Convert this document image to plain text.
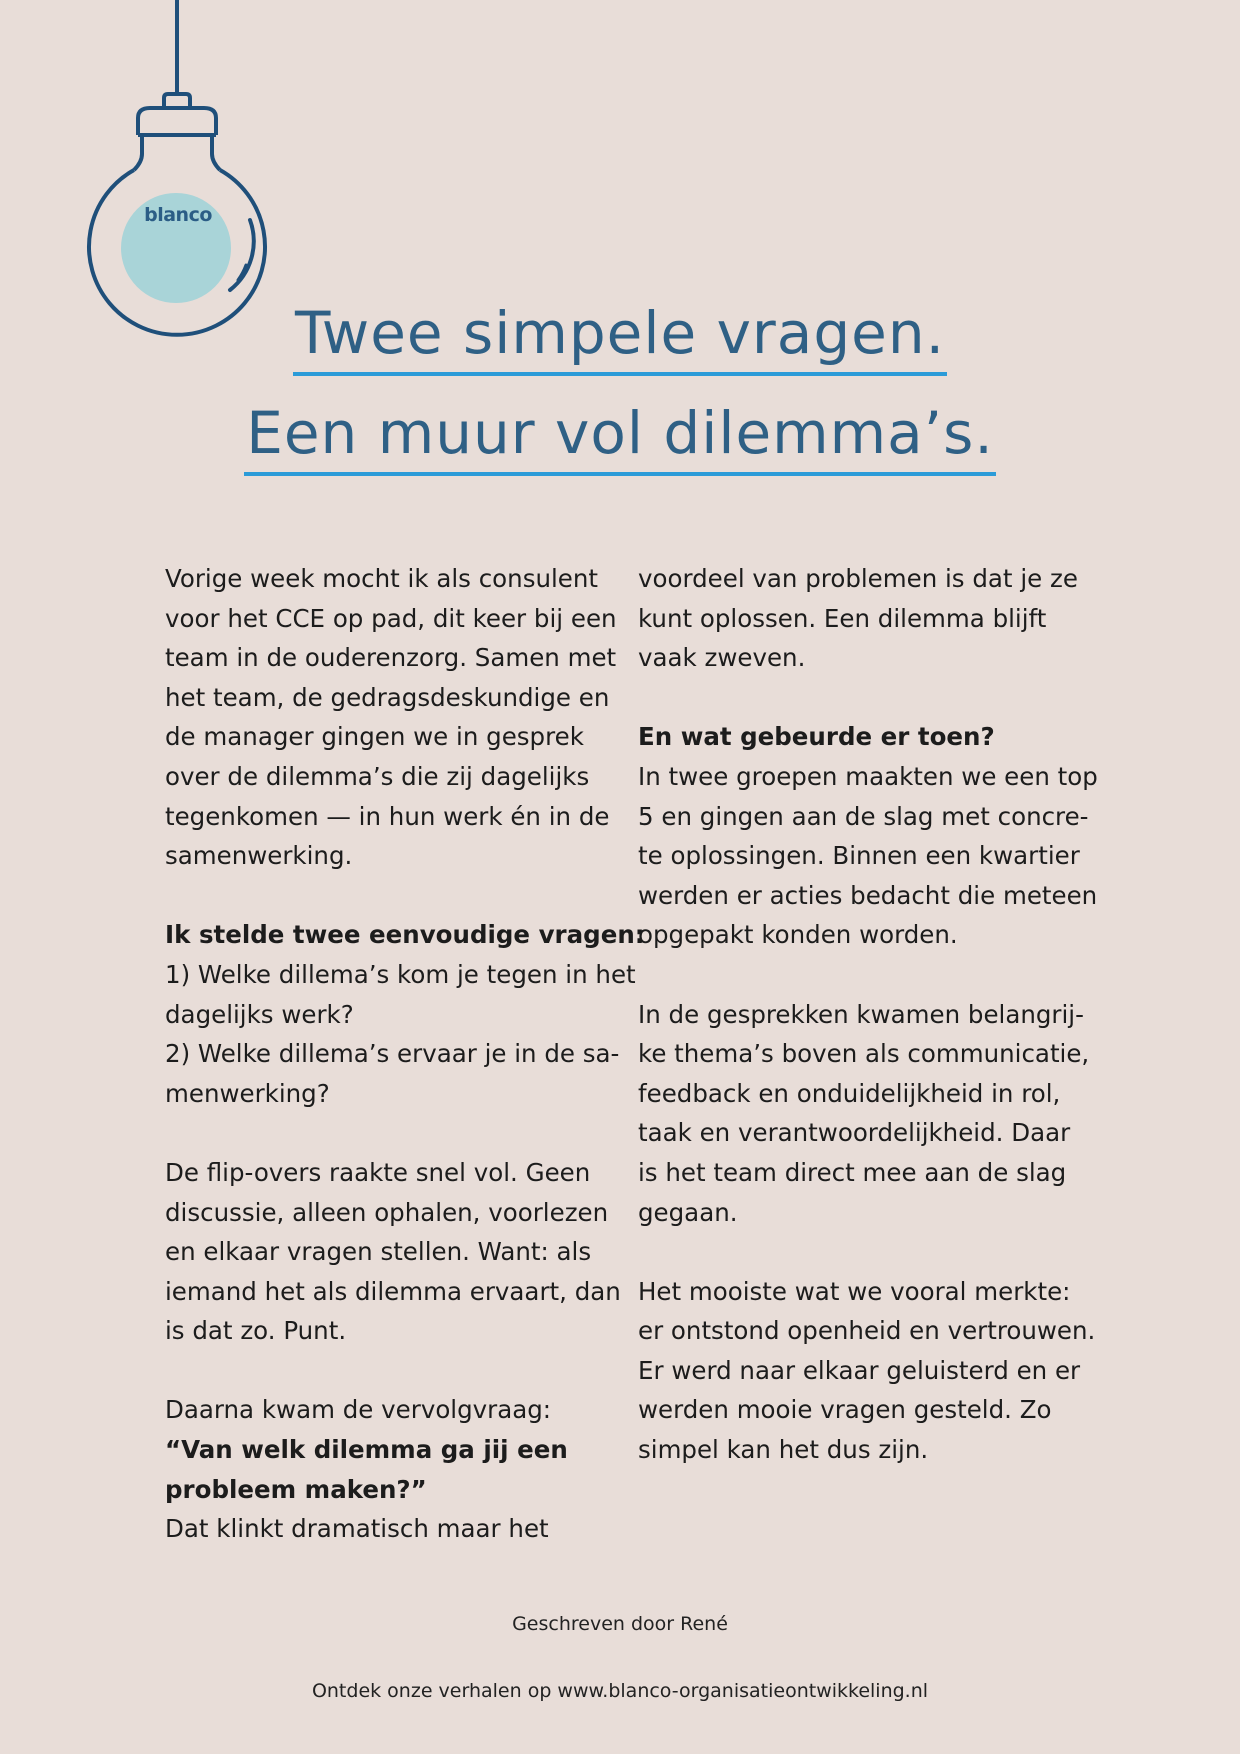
blanco
Twee simpele vragen.
Een muur vol dilemma’s.

Vorige week mocht ik als consulent

voor het CCE op pad, dit keer bij een

team in de ouderenzorg. Samen met

het team, de gedragsdeskundige en

de manager gingen we in gesprek

over de dilemma’s die zij dagelijks

tegenkomen — in hun werk én in de

samenwerking.

Ik stelde twee eenvoudige vragen:

1) Welke dillema’s kom je tegen in het

dagelijks werk?

2) Welke dillema’s ervaar je in de sa-

menwerking?

De flip-overs raakte snel vol. Geen

discussie, alleen ophalen, voorlezen

en elkaar vragen stellen. Want: als

iemand het als dilemma ervaart, dan

is dat zo. Punt.

Daarna kwam de vervolgvraag:

“Van welk dilemma ga jij een

probleem maken?”

Dat klinkt dramatisch maar het

voordeel van problemen is dat je ze

kunt oplossen. Een dilemma blijft

vaak zweven.

En wat gebeurde er toen?

In twee groepen maakten we een top

5 en gingen aan de slag met concre-

te oplossingen. Binnen een kwartier

werden er acties bedacht die meteen

opgepakt konden worden.

In de gesprekken kwamen belangrij-

ke thema’s boven als communicatie,

feedback en onduidelijkheid in rol,

taak en verantwoordelijkheid. Daar

is het team direct mee aan de slag

gegaan.

Het mooiste wat we vooral merkte:

er ontstond openheid en vertrouwen.

Er werd naar elkaar geluisterd en er

werden mooie vragen gesteld. Zo

simpel kan het dus zijn.

Geschreven door René
Ontdek onze verhalen op www.blanco-organisatieontwikkeling.nl
